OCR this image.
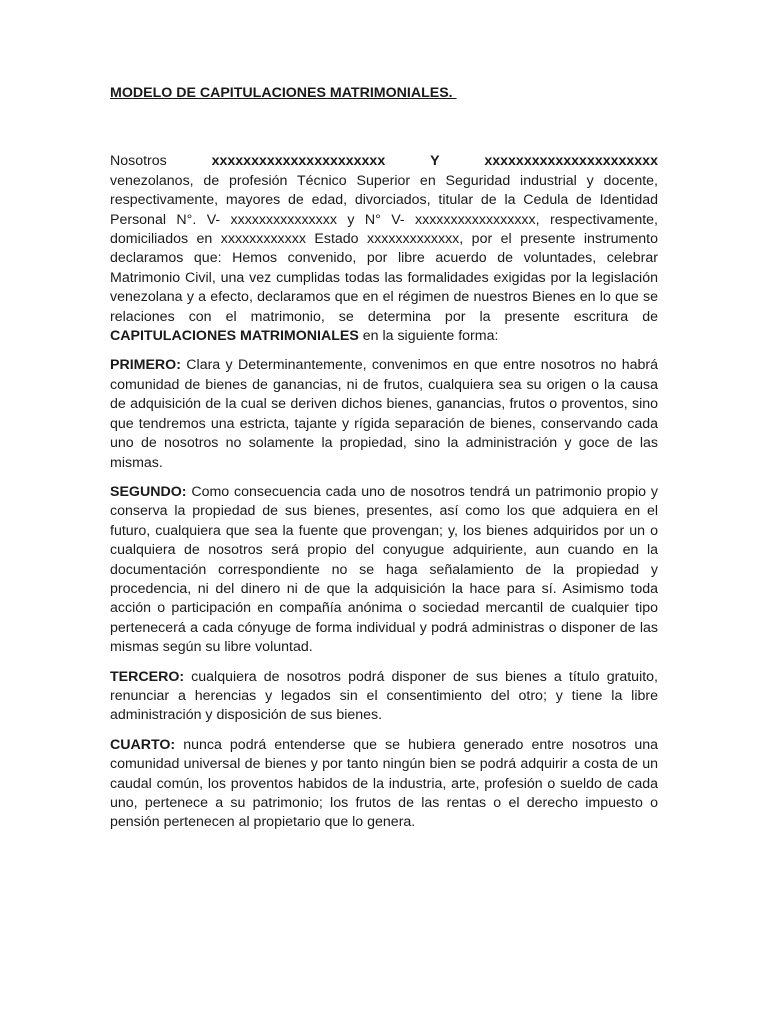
MODELO DE CAPITULACIONES MATRIMONIALES.
Nosotros	xxxxxxxxxxxxxxxxxxxxxx	Y	xxxxxxxxxxxxxxxxxxxxxx
venezolanos, de profesión Técnico Superior en Seguridad industrial y docente, respectivamente, mayores de edad, divorciados, titular de la Cedula de Identidad Personal N°. V- xxxxxxxxxxxxxxx y N° V- xxxxxxxxxxxxxxxxx, respectivamente, domiciliados en xxxxxxxxxxxx Estado xxxxxxxxxxxxx, por el presente instrumento declaramos que: Hemos convenido, por libre acuerdo de voluntades, celebrar Matrimonio Civil, una vez cumplidas todas las formalidades exigidas por la legislación venezolana y a efecto, declaramos que en el régimen de nuestros Bienes en lo que se relaciones con el matrimonio, se determina por la presente escritura de CAPITULACIONES MATRIMONIALES en la siguiente forma:
PRIMERO: Clara y Determinantemente, convenimos en que entre nosotros no habrá comunidad de bienes de ganancias, ni de frutos, cualquiera sea su origen o la causa de adquisición de la cual se deriven dichos bienes, ganancias, frutos o proventos, sino que tendremos una estricta, tajante y rígida separación de bienes, conservando cada uno de nosotros no solamente la propiedad, sino la administración y goce de las mismas.
SEGUNDO: Como consecuencia cada uno de nosotros tendrá un patrimonio propio y conserva la propiedad de sus bienes, presentes, así como los que adquiera en el futuro, cualquiera que sea la fuente que provengan; y, los bienes adquiridos por un o cualquiera de nosotros será propio del conyugue adquiriente, aun cuando en la documentación correspondiente no se haga señalamiento de la propiedad y procedencia, ni del dinero ni de que la adquisición la hace para sí. Asimismo toda acción o participación en compañía anónima o sociedad mercantil de cualquier tipo pertenecerá a cada cónyuge de forma individual y podrá administras o disponer de las mismas según su libre voluntad.
TERCERO: cualquiera de nosotros podrá disponer de sus bienes a título gratuito, renunciar a herencias y legados sin el consentimiento del otro; y tiene la libre administración y disposición de sus bienes.
CUARTO: nunca podrá entenderse que se hubiera generado entre nosotros una comunidad universal de bienes y por tanto ningún bien se podrá adquirir a costa de un caudal común, los proventos habidos de la industria, arte, profesión o sueldo de cada uno, pertenece a su patrimonio; los frutos de las rentas o el derecho impuesto o pensión pertenecen al propietario que lo genera.
